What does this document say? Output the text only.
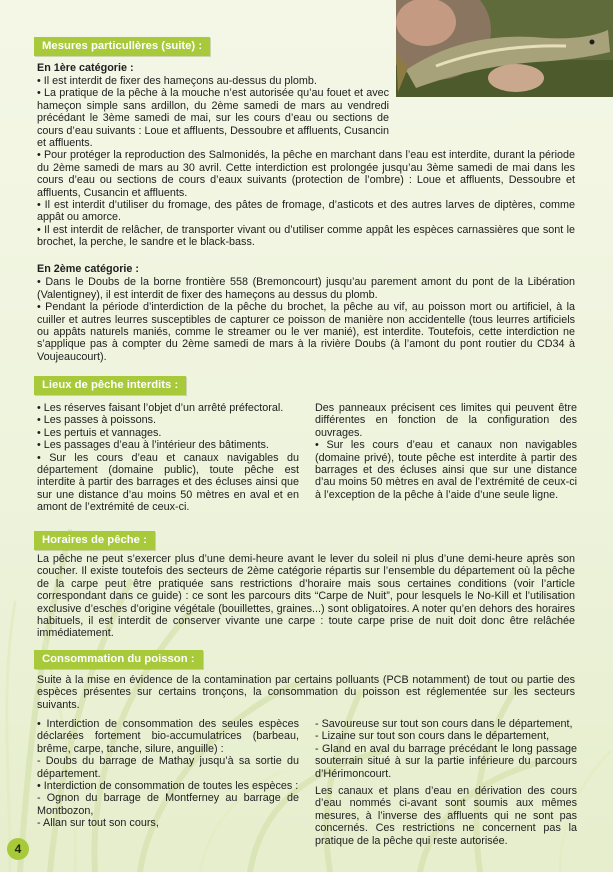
Mesures particullères (suite) :

En 1ère catégorie :

• Il est interdit de fixer des hameçons au-dessus du plomb.

• La pratique de la pêche à la mouche n’est autorisée qu’au fouet et avec hameçon simple sans ardillon, du 2ème samedi de mars au vendredi précédant le 3ème samedi de mai, sur les cours d’eau ou sections de cours d’eau suivants : Loue et affluents, Dessoubre et affluents, Cusancin et affluents.

• Pour protéger la reproduction des Salmonidés, la pêche en marchant dans l’eau est interdite, durant la période du 2ème samedi de mars au 30 avril. Cette interdiction est prolongée jusqu’au 3ème samedi de mai dans les cours d’eau ou sections de cours d’eaux suivants (protection de l’ombre) : Loue et affluents, Dessoubre et affluents, Cusancin et affluents.

• Il est interdit d’utiliser du fromage, des pâtes de fromage, d’asticots et des autres larves de diptères, comme appât ou amorce.

• Il est interdit de relâcher, de transporter vivant ou d’utiliser comme appât les espèces carnassières que sont le brochet, la perche, le sandre et le black-bass.

En 2ème catégorie :

• Dans le Doubs de la borne frontière 558 (Bremoncourt) jusqu’au parement amont du pont de la Libération (Valentigney), il est interdit de fixer des hameçons au dessus du plomb.

• Pendant la période d’interdiction de la pêche du brochet, la pêche au vif, au poisson mort ou artificiel, à la cuiller et autres leurres susceptibles de capturer ce poisson de manière non accidentelle (tous leurres artificiels ou appâts naturels maniés, comme le streamer ou le ver manié), est interdite. Toutefois, cette interdiction ne s’applique pas à compter du 2ème samedi de mars à la rivière Doubs (à l’amont du pont routier du CD34 à Voujeaucourt).

Lieux de pêche interdits :

• Les réserves faisant l’objet d’un arrêté préfectoral.

• Les passes à poissons.

• Les pertuis et vannages.

• Les passages d’eau à l’intérieur des bâtiments.

• Sur les cours d’eau et canaux navigables du département (domaine public), toute pêche est interdite à partir des barrages et des écluses ainsi que sur une distance d’au moins 50 mètres en aval et en amont de l’extrémité de ceux-ci.

Des panneaux précisent ces limites qui peuvent être différentes en fonction de la configuration des ouvrages.

• Sur les cours d’eau et canaux non navigables (domaine privé), toute pêche est interdite à partir des barrages et des écluses ainsi que sur une distance d’au moins 50 mètres en aval de l’extrémité de ceux-ci à l’exception de la pêche à l’aide d’une seule ligne.

Horaires de pêche :

La pêche ne peut s’exercer plus d’une demi-heure avant le lever du soleil ni plus d’une demi-heure après son coucher. Il existe toutefois des secteurs de 2ème catégorie répartis sur l’ensemble du département où la pêche de la carpe peut être pratiquée sans restrictions d’horaire mais sous certaines conditions (voir l’article correspondant dans ce guide) : ce sont les parcours dits “Carpe de Nuit”, pour lesquels le No-Kill et l’utilisation exclusive d’esches d’origine végétale (bouillettes, graines...) sont obligatoires. A noter qu’en dehors des horaires habituels, il est interdit de conserver vivante une carpe : toute carpe prise de nuit doit donc être relâchée immédiatement.

Consommation du poisson :

Suite à la mise en évidence de la contamination par certains polluants (PCB notamment) de tout ou partie des espèces présentes sur certains tronçons, la consommation du poisson est réglementée sur les secteurs suivants.

• Interdiction de consommation des seules espèces déclarées fortement bio-accumulatrices (barbeau, brême, carpe, tanche, silure, anguille) :

- Doubs du barrage de Mathay jusqu’à sa sortie du département.

• Interdiction de consommation de toutes les espèces :

- Ognon du barrage de Montferney au barrage de Montbozon,

- Allan sur tout son cours,

- Savoureuse sur tout son cours dans le département,

- Lizaine sur tout son cours dans le département,

- Gland en aval du barrage précédant le long passage souterrain situé à sur la partie inférieure du parcours d’Hérimoncourt.

Les canaux et plans d’eau en dérivation des cours d’eau nommés ci-avant sont soumis aux mêmes mesures, à l’inverse des affluents qui ne sont pas concernés. Ces restrictions ne concernent pas la pratique de la pêche qui reste autorisée.

4
